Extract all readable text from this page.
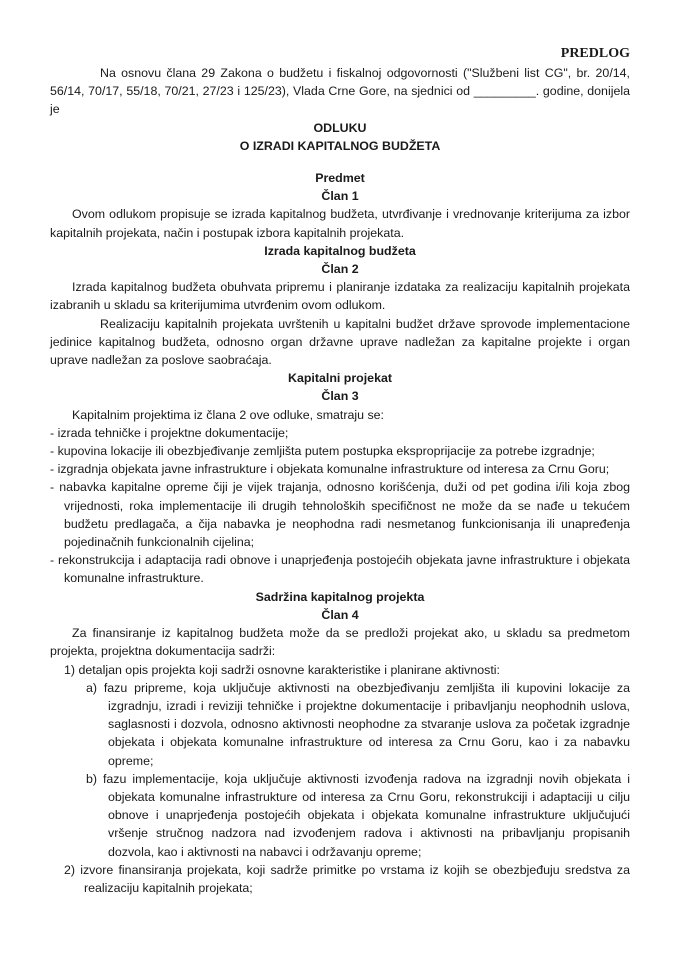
PREDLOG

Na osnovu člana 29 Zakona o budžetu i fiskalnoj odgovornosti ("Službeni list CG", br. 20/14, 56/14, 70/17, 55/18, 70/21, 27/23 i 125/23), Vlada Crne Gore, na sjednici od _________. godine, donijela je

ODLUKU
O IZRADI KAPITALNOG BUDŽETA
Predmet
Član 1

Ovom odlukom propisuje se izrada kapitalnog budžeta, utvrđivanje i vrednovanje kriterijuma za izbor kapitalnih projekata, način i postupak izbora kapitalnih projekata.

Izrada kapitalnog budžeta
Član 2

Izrada kapitalnog budžeta obuhvata pripremu i planiranje izdataka za realizaciju kapitalnih projekata izabranih u skladu sa kriterijumima utvrđenim ovom odlukom.

Realizaciju kapitalnih projekata uvrštenih u kapitalni budžet države sprovode implementacione jedinice kapitalnog budžeta, odnosno organ državne uprave nadležan za kapitalne projekte i organ uprave nadležan za poslove saobraćaja.

Kapitalni projekat
Član 3

Kapitalnim projektima iz člana 2 ove odluke, smatraju se:

- izrada tehničke i projektne dokumentacije;

- kupovina lokacije ili obezbjeđivanje zemljišta putem postupka eksproprijacije za potrebe izgradnje;

- izgradnja objekata javne infrastrukture i objekata komunalne infrastrukture od interesa za Crnu Goru;

- nabavka kapitalne opreme čiji je vijek trajanja, odnosno korišćenja, duži od pet godina i/ili koja zbog vrijednosti, roka implementacije ili drugih tehnoloških specifičnost ne može da se nađe u tekućem budžetu predlagača, a čija nabavka je neophodna radi nesmetanog funkcionisanja ili unapređenja pojedinačnih funkcionalnih cijelina;

- rekonstrukcija i adaptacija radi obnove i unaprjeđenja postojećih objekata javne infrastrukture i objekata komunalne infrastrukture.

Sadržina kapitalnog projekta
Član 4

Za finansiranje iz kapitalnog budžeta može da se predloži projekat ako, u skladu sa predmetom projekta, projektna dokumentacija sadrži:

1) detaljan opis projekta koji sadrži osnovne karakteristike i planirane aktivnosti:

a) fazu pripreme, koja uključuje aktivnosti na obezbjeđivanju zemljišta ili kupovini lokacije za izgradnju, izradi i reviziji tehničke i projektne dokumentacije i pribavljanju neophodnih uslova, saglasnosti i dozvola, odnosno aktivnosti neophodne za stvaranje uslova za početak izgradnje objekata i objekata komunalne infrastrukture od interesa za Crnu Goru, kao i za nabavku opreme;

b) fazu implementacije, koja uključuje aktivnosti izvođenja radova na izgradnji novih objekata i objekata komunalne infrastrukture od interesa za Crnu Goru, rekonstrukciji i adaptaciji u cilju obnove i unaprjeđenja postojećih objekata i objekata komunalne infrastrukture uključujući vršenje stručnog nadzora nad izvođenjem radova i aktivnosti na pribavljanju propisanih dozvola, kao i aktivnosti na nabavci i održavanju opreme;

2) izvore finansiranja projekata, koji sadrže primitke po vrstama iz kojih se obezbjeđuju sredstva za realizaciju kapitalnih projekata;
